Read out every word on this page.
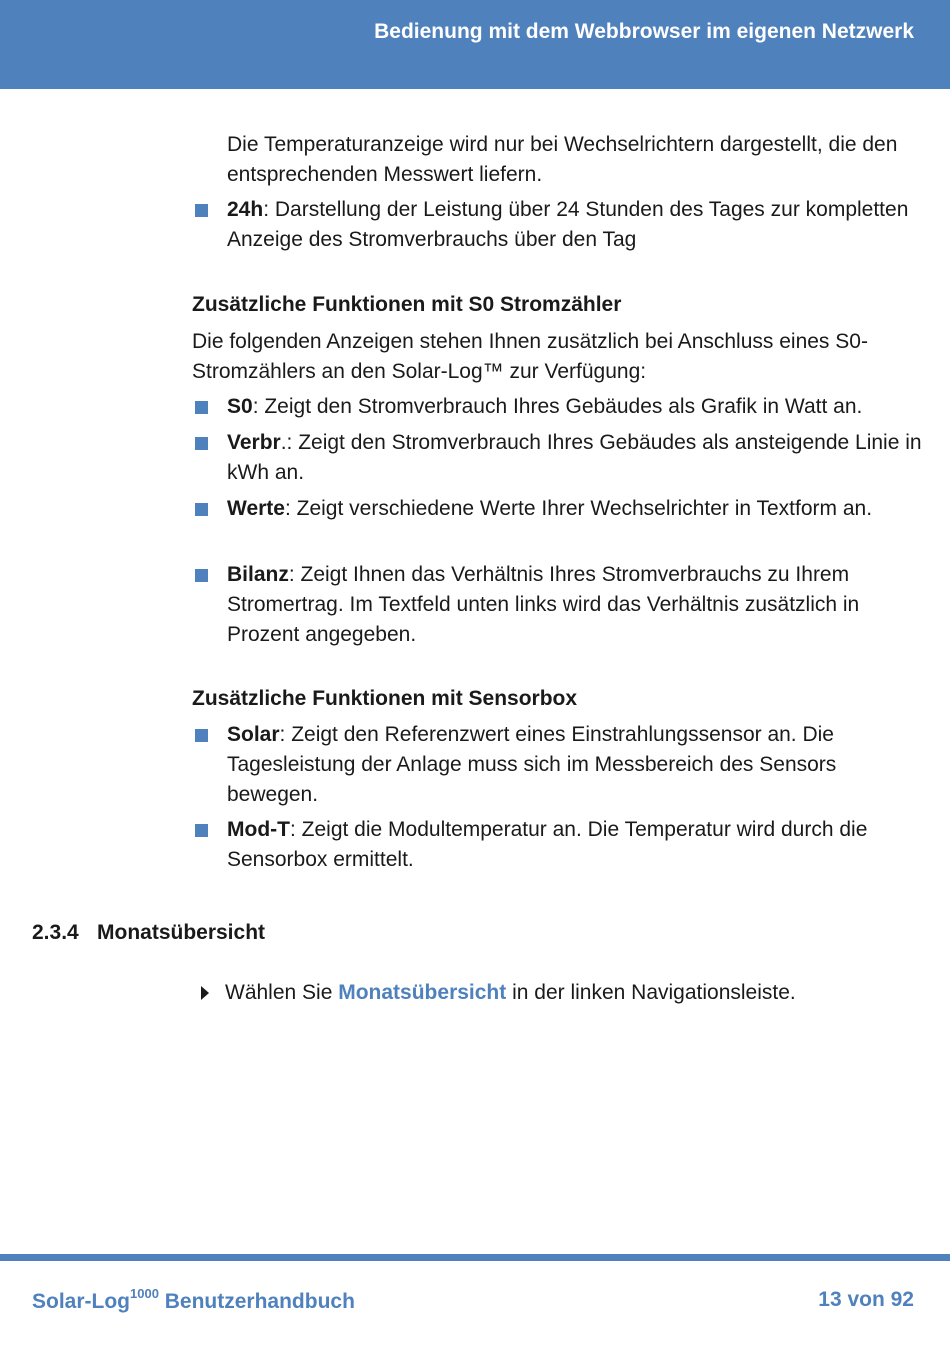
Bedienung mit dem Webbrowser im eigenen Netzwerk

Die Temperaturanzeige wird nur bei Wechselrichtern dargestellt, die den entsprechenden Messwert liefern.

24h: Darstellung der Leistung über 24 Stunden des Tages zur kompletten Anzeige des Stromverbrauchs über den Tag

Zusätzliche Funktionen mit S0 Stromzähler

Die folgenden Anzeigen stehen Ihnen zusätzlich bei Anschluss eines S0-Stromzählers an den Solar-Log™ zur Verfügung:

S0: Zeigt den Stromverbrauch Ihres Gebäudes als Grafik in Watt an.

Verbr.: Zeigt den Stromverbrauch Ihres Gebäudes als ansteigende Linie in kWh an.

Werte: Zeigt verschiedene Werte Ihrer Wechselrichter in Textform an.

Bilanz: Zeigt Ihnen das Verhältnis Ihres Stromverbrauchs zu Ihrem Stromertrag. Im Textfeld unten links wird das Verhältnis zusätzlich in Prozent angegeben.

Zusätzliche Funktionen mit Sensorbox

Solar: Zeigt den Referenzwert eines Einstrahlungssensor an. Die Tagesleistung der Anlage muss sich im Messbereich des Sensors bewegen.

Mod-T: Zeigt die Modultemperatur an. Die Temperatur wird durch die Sensorbox ermittelt.

2.3.4 Monatsübersicht

Wählen Sie Monatsübersicht in der linken Navigationsleiste.

Solar-Log$^{1000}$ Benutzerhandbuch	13 von 92
